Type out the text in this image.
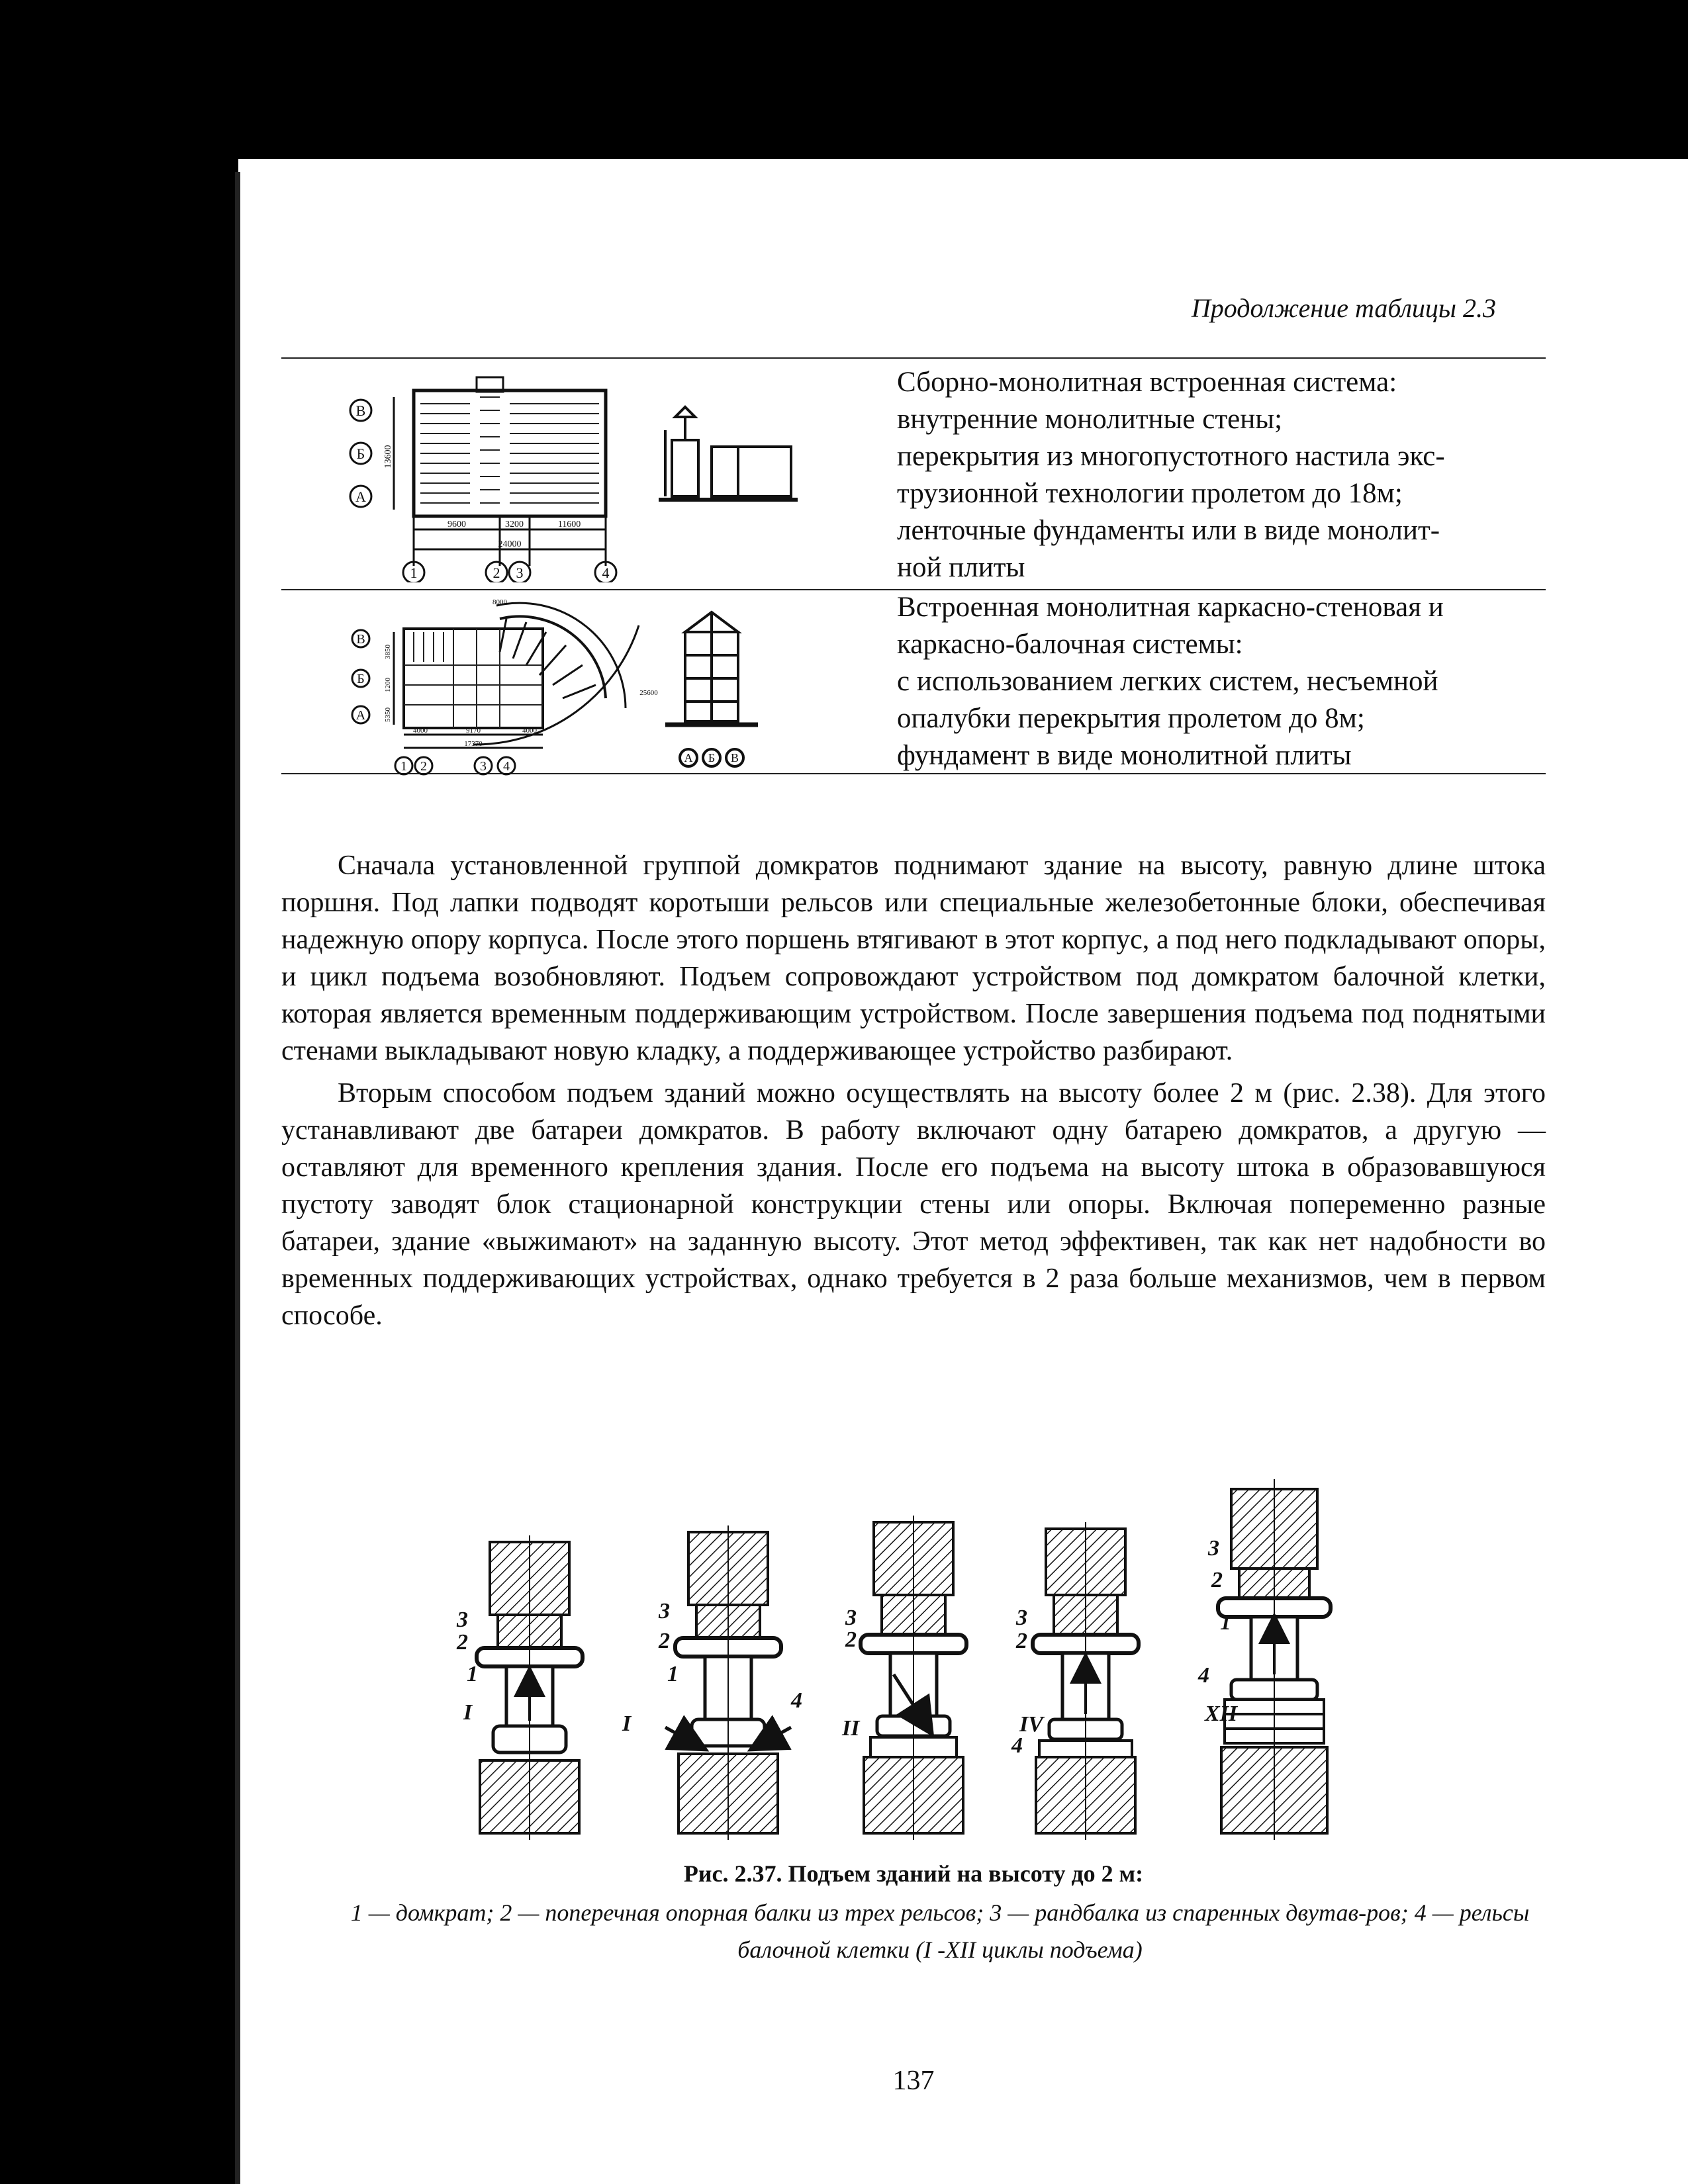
Продолжение таблицы 2.3
Сборно-монолитная встроенная система:
внутренние монолитные стены;
перекрытия из многопустотного настила экс-
трузионной технологии пролетом до 18м;
ленточные фундаменты или в виде монолит-
ной плиты
Встроенная монолитная каркасно-стеновая и
каркасно-балочная системы:
с использованием легких систем, несъемной
опалубки перекрытия пролетом до 8м;
фундамент в виде монолитной плиты
В
Б
А
1	2 3	4
9600	3200	11600
24000
13600
В
Б
А
1 2	3 4
4000	9170	4000
17370
8000
25600
5350
1200
3850
А Б В

Сначала установленной группой домкратов поднимают здание на высоту, равную длине штока поршня. Под лапки подводят коротыши рельсов или специальные железобетонные блоки, обеспечивая надежную опору корпуса. После этого поршень втягивают в этот корпус, а под него подкладывают опоры, и цикл подъема возобновляют. Подъем сопровождают устройством под домкратом балочной клетки, которая является временным поддерживающим устройством. После завершения подъема под поднятыми стенами выкладывают новую кладку, а поддерживающее устройство разбирают.

Вторым способом подъем зданий можно осуществлять на высоту более 2 м (рис. 2.38). Для этого устанавливают две батареи домкратов. В работу включают одну батарею домкратов, а другую — оставляют для временного крепления здания. После его подъема на высоту штока в образовавшуюся пустоту заводят блок стационарной конструкции стены или опоры. Включая попеременно разные батареи, здание «выжимают» на заданную высоту. Этот метод эффективен, так как нет надобности во временных поддерживающих устройствах, однако требуется в 2 раза больше механизмов, чем в первом способе.

3
2
1
I
3
2
1
I
4
3
2
II
3
2
IV
4
3
2
1
4
XII
Рис. 2.37. Подъем зданий на высоту до 2 м:
1 — домкрат; 2 — поперечная опорная балки из трех рельсов; 3 — рандбалка из спаренных двутав-ров; 4 — рельсы балочной клетки (I -XII циклы подъема)
137
